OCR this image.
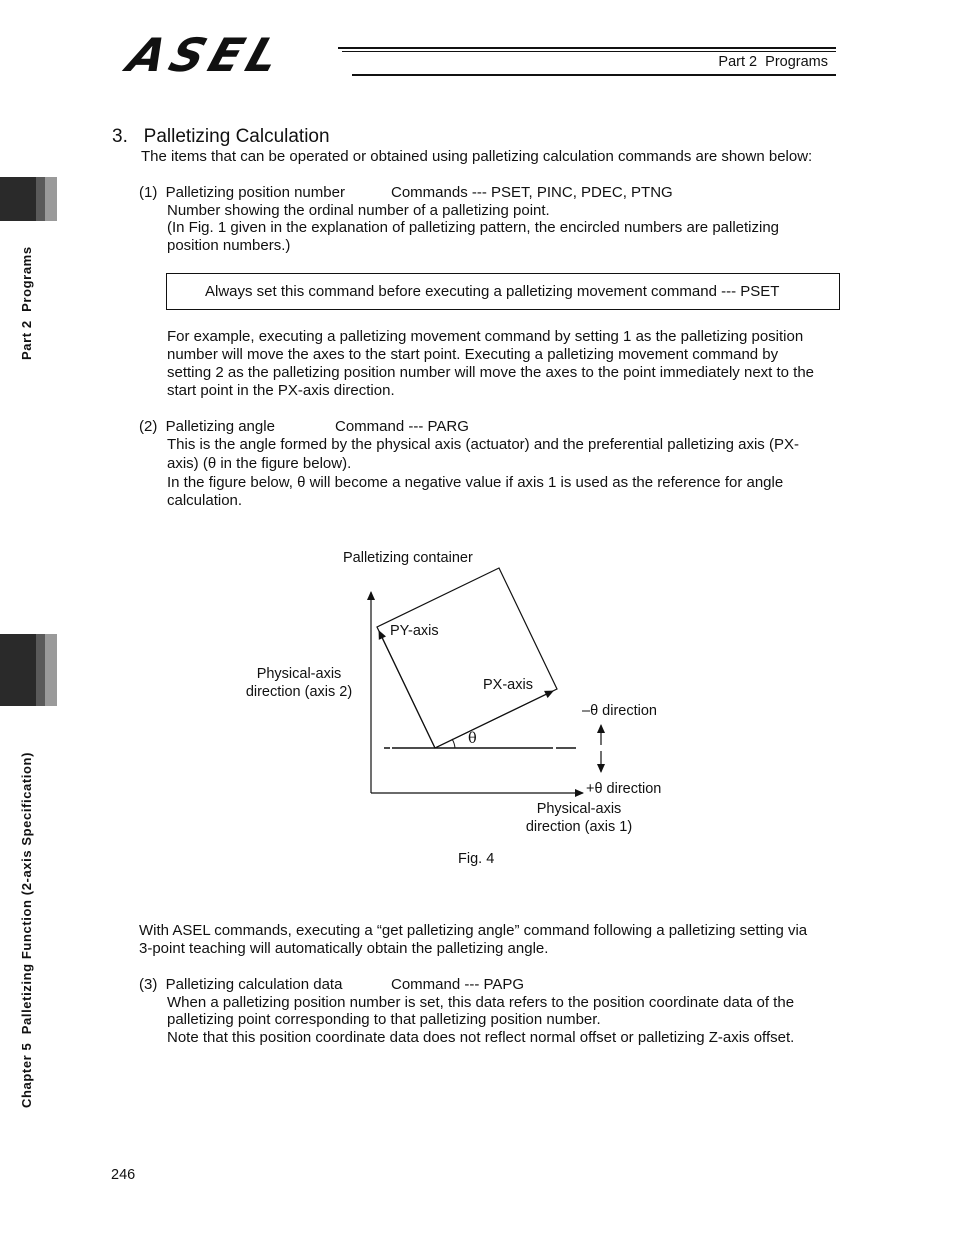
ASEL	Part 2  Programs
Part 2  Programs
Chapter 5  Palletizing Function (2-axis Specification)
3.   Palletizing Calculation
The items that can be operated or obtained using palletizing calculation commands are shown below:
(1)  Palletizing position number	Commands --- PSET, PINC, PDEC, PTNG
Number showing the ordinal number of a palletizing point.
(In Fig. 1 given in the explanation of palletizing pattern, the encircled numbers are palletizing
position numbers.)
Always set this command before executing a palletizing movement command --- PSET
For example, executing a palletizing movement command by setting 1 as the palletizing position
number will move the axes to the start point. Executing a palletizing movement command by
setting 2 as the palletizing position number will move the axes to the point immediately next to the
start point in the PX-axis direction.
(2)  Palletizing angle	Command --- PARG
This is the angle formed by the physical axis (actuator) and the preferential palletizing axis (PX-
axis) (θ in the figure below).
In the figure below, θ will become a negative value if axis 1 is used as the reference for angle
calculation.
Palletizing container
PY-axis
PX-axis
Physical-axis
direction (axis 2)
–θ direction
θ
+θ direction
Physical-axis
direction (axis 1)
Fig. 4
With ASEL commands, executing a “get palletizing angle” command following a palletizing setting via
3-point teaching will automatically obtain the palletizing angle.
(3)  Palletizing calculation data	Command --- PAPG
When a palletizing position number is set, this data refers to the position coordinate data of the
palletizing point corresponding to that palletizing position number.
Note that this position coordinate data does not reflect normal offset or palletizing Z-axis offset.
246
